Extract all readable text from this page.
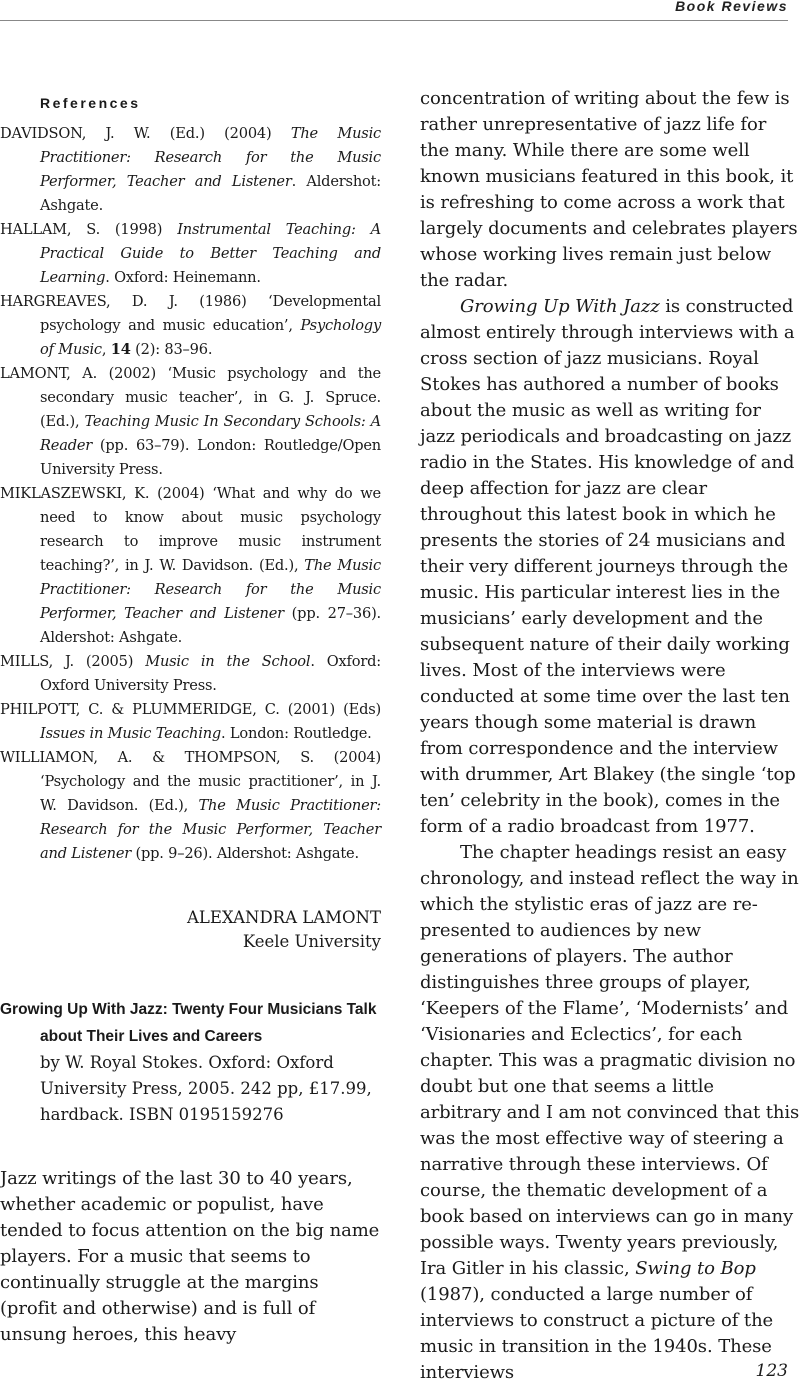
Book Reviews
References

DAVIDSON, J. W. (Ed.) (2004) The Music Practitioner: Research for the Music Performer, Teacher and Listener. Aldershot: Ashgate.

HALLAM, S. (1998) Instrumental Teaching: A Practical Guide to Better Teaching and Learning. Oxford: Heinemann.

HARGREAVES, D. J. (1986) ‘Developmental psychology and music education’, Psychology of Music, 14 (2): 83–96.

LAMONT, A. (2002) ‘Music psychology and the secondary music teacher’, in G. J. Spruce. (Ed.), Teaching Music In Secondary Schools: A Reader (pp. 63–79). London: Routledge/Open University Press.

MIKLASZEWSKI, K. (2004) ‘What and why do we need to know about music psychology research to improve music instrument teaching?’, in J. W. Davidson. (Ed.), The Music Practitioner: Research for the Music Performer, Teacher and Listener (pp. 27–36). Aldershot: Ashgate.

MILLS, J. (2005) Music in the School. Oxford: Oxford University Press.

PHILPOTT, C. & PLUMMERIDGE, C. (2001) (Eds) Issues in Music Teaching. London: Routledge.

WILLIAMON, A. & THOMPSON, S. (2004) ‘Psychology and the music practitioner’, in J. W. Davidson. (Ed.), The Music Practitioner: Research for the Music Performer, Teacher and Listener (pp. 9–26). Aldershot: Ashgate.

ALEXANDRA LAMONT
Keele University
Growing Up With Jazz: Twenty Four Musicians Talk about Their Lives and Careers
by W. Royal Stokes. Oxford: Oxford University Press, 2005. 242 pp, £17.99, hardback. ISBN 0195159276

Jazz writings of the last 30 to 40 years, whether academic or populist, have tended to focus attention on the big name players. For a music that seems to continually struggle at the margins (profit and otherwise) and is full of unsung heroes, this heavy

concentration of writing about the few is rather unrepresentative of jazz life for the many. While there are some well known musicians featured in this book, it is refreshing to come across a work that largely documents and celebrates players whose working lives remain just below the radar.

Growing Up With Jazz is constructed almost entirely through interviews with a cross section of jazz musicians. Royal Stokes has authored a number of books about the music as well as writing for jazz periodicals and broadcasting on jazz radio in the States. His knowledge of and deep affection for jazz are clear throughout this latest book in which he presents the stories of 24 musicians and their very different journeys through the music. His particular interest lies in the musicians’ early development and the subsequent nature of their daily working lives. Most of the interviews were conducted at some time over the last ten years though some material is drawn from correspondence and the interview with drummer, Art Blakey (the single ‘top ten’ celebrity in the book), comes in the form of a radio broadcast from 1977.

The chapter headings resist an easy chronology, and instead reflect the way in which the stylistic eras of jazz are re-presented to audiences by new generations of players. The author distinguishes three groups of player, ‘Keepers of the Flame’, ‘Modernists’ and ‘Visionaries and Eclectics’, for each chapter. This was a pragmatic division no doubt but one that seems a little arbitrary and I am not convinced that this was the most effective way of steering a narrative through these interviews. Of course, the thematic development of a book based on interviews can go in many possible ways. Twenty years previously, Ira Gitler in his classic, Swing to Bop (1987), conducted a large number of interviews to construct a picture of the music in transition in the 1940s. These interviews	123
